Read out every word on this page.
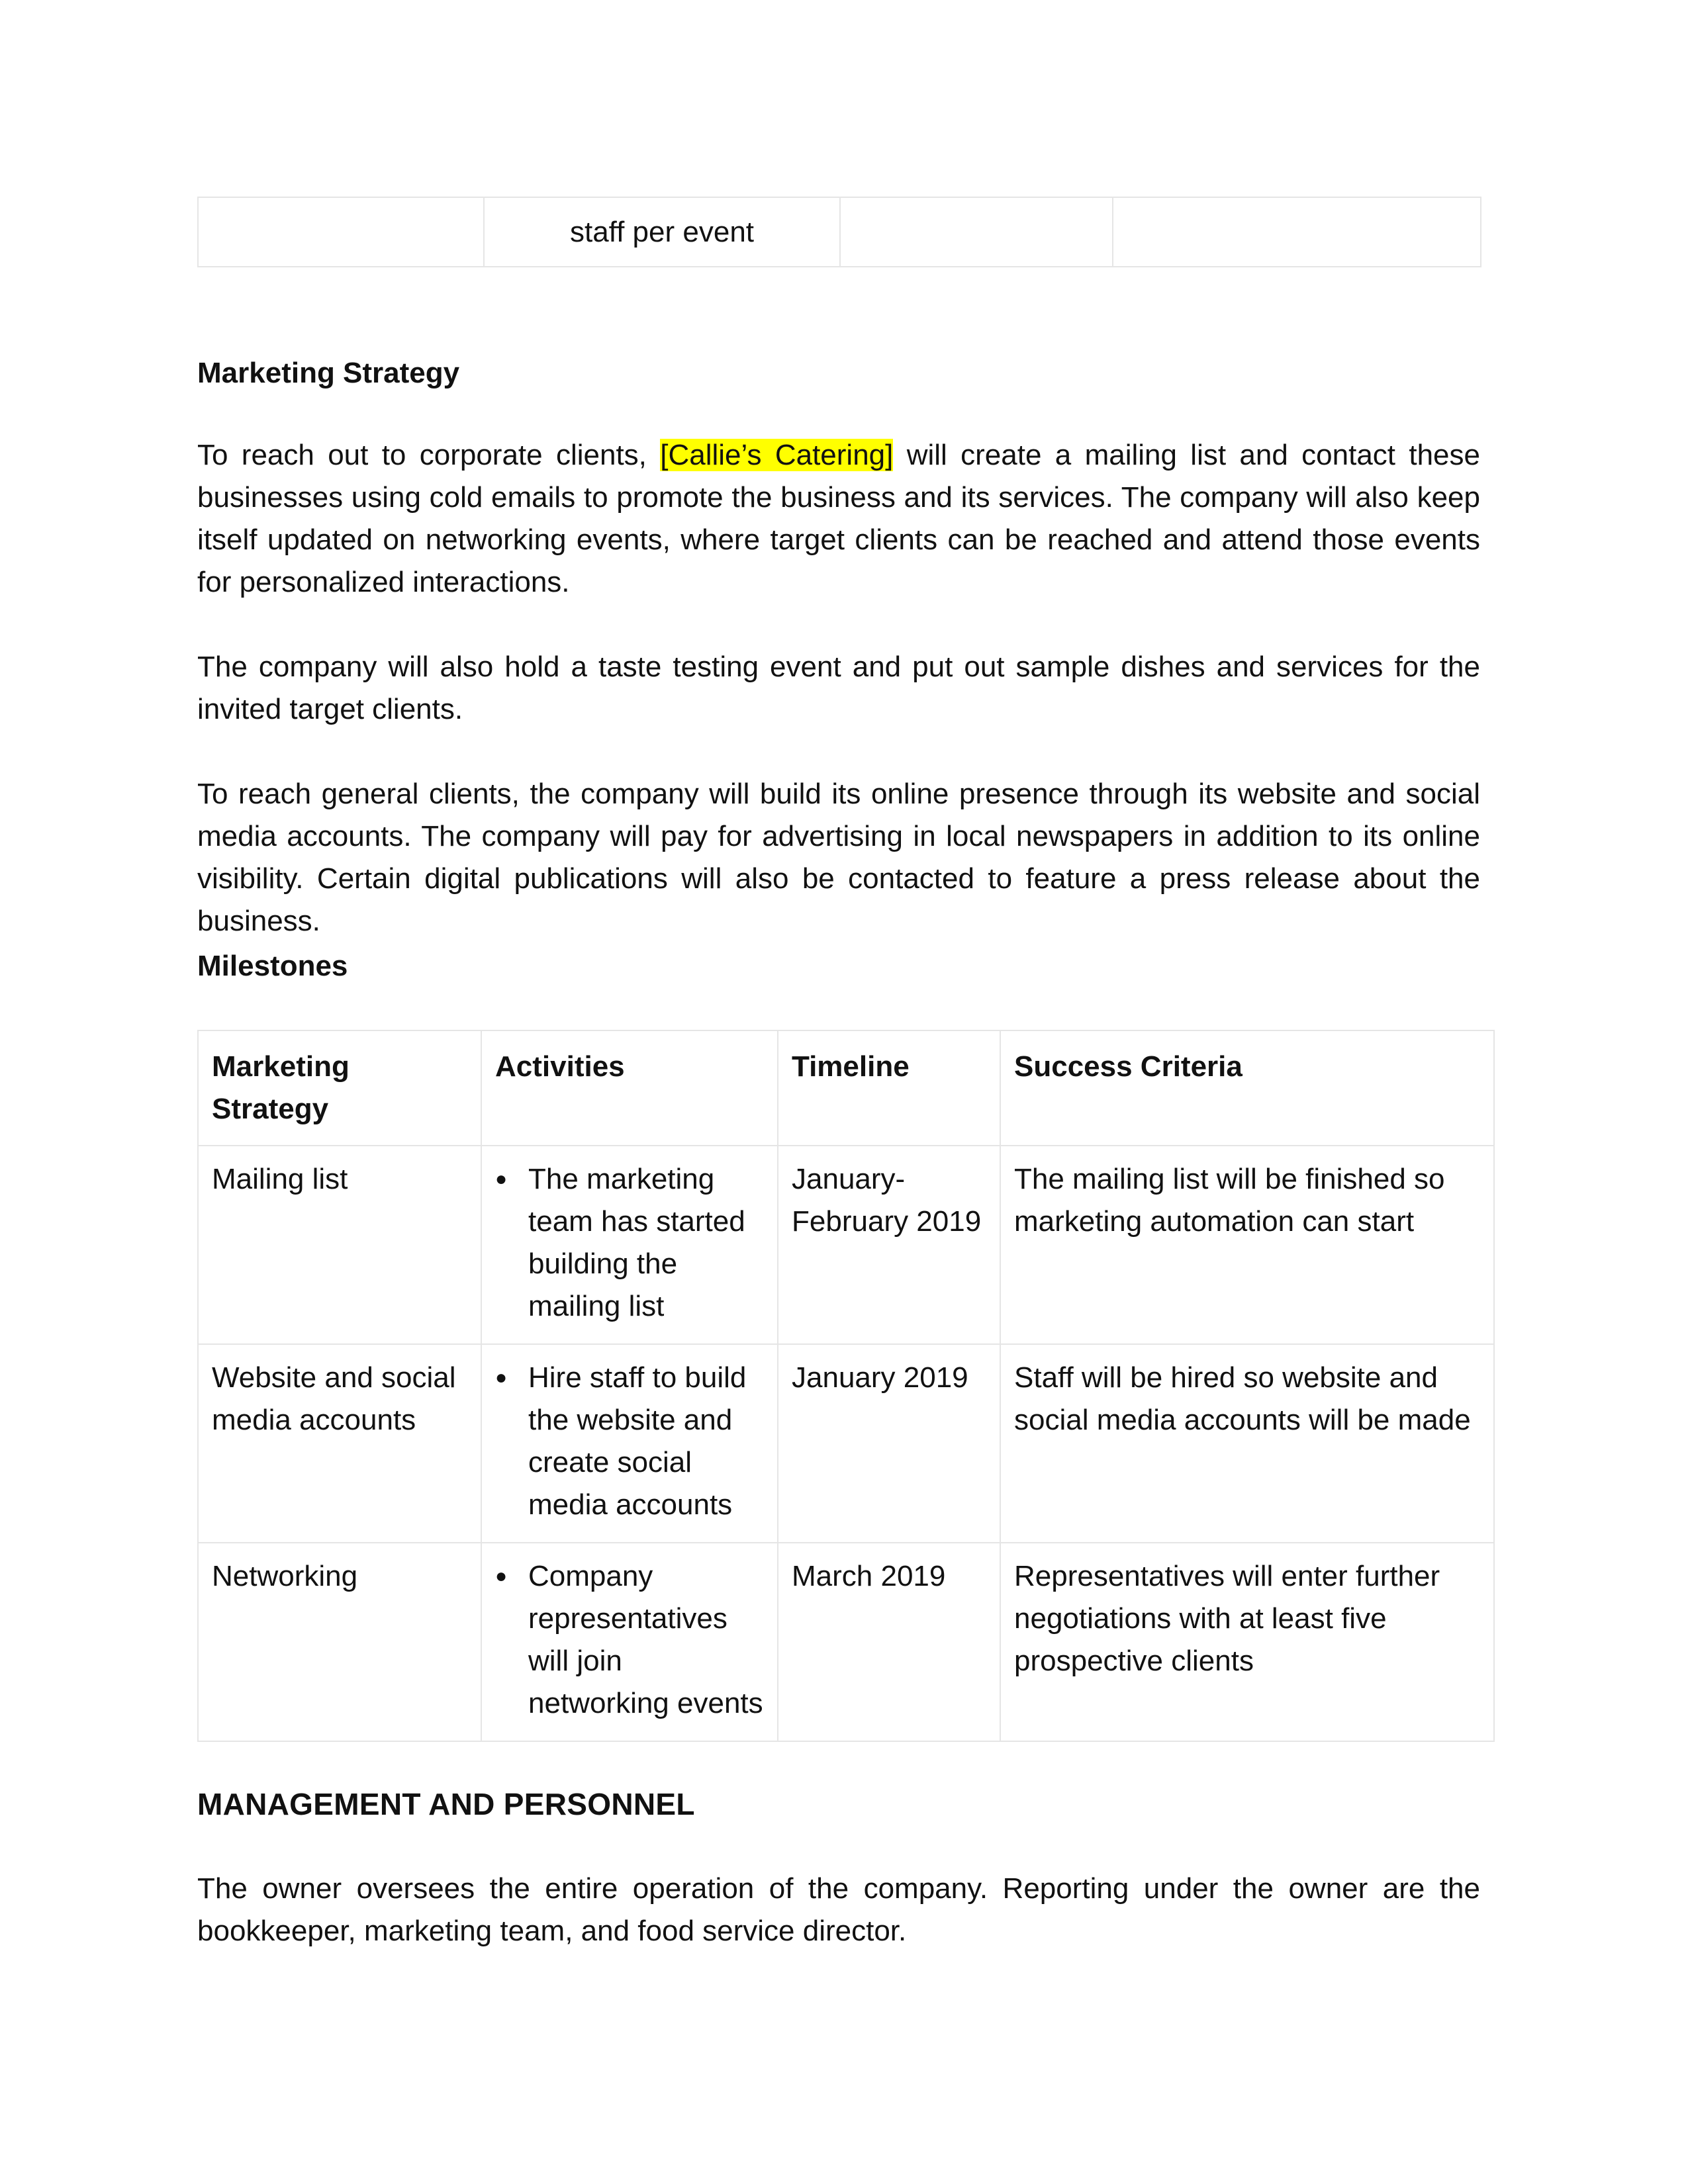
	staff per event		
Marketing Strategy

To reach out to corporate clients, [Callie’s Catering] will create a mailing list and contact these businesses using cold emails to promote the business and its services. The company will also keep itself updated on networking events, where target clients can be reached and attend those events for personalized interactions.

The company will also hold a taste testing event and put out sample dishes and services for the invited target clients.

To reach general clients, the company will build its online presence through its website and social media accounts. The company will pay for advertising in local newspapers in addition to its online visibility. Certain digital publications will also be contacted to feature a press release about the business.

Milestones
Marketing Strategy	Activities	Timeline	Success Criteria
Mailing list	● The marketing team has started building the mailing list	January-February 2019	The mailing list will be finished so marketing automation can start
Website and social media accounts	● Hire staff to build the website and create social media accounts	January 2019	Staff will be hired so website and social media accounts will be made
Networking	● Company representatives will join networking events	March 2019	Representatives will enter further negotiations with at least five prospective clients
MANAGEMENT AND PERSONNEL

The owner oversees the entire operation of the company. Reporting under the owner are the bookkeeper, marketing team, and food service director.
